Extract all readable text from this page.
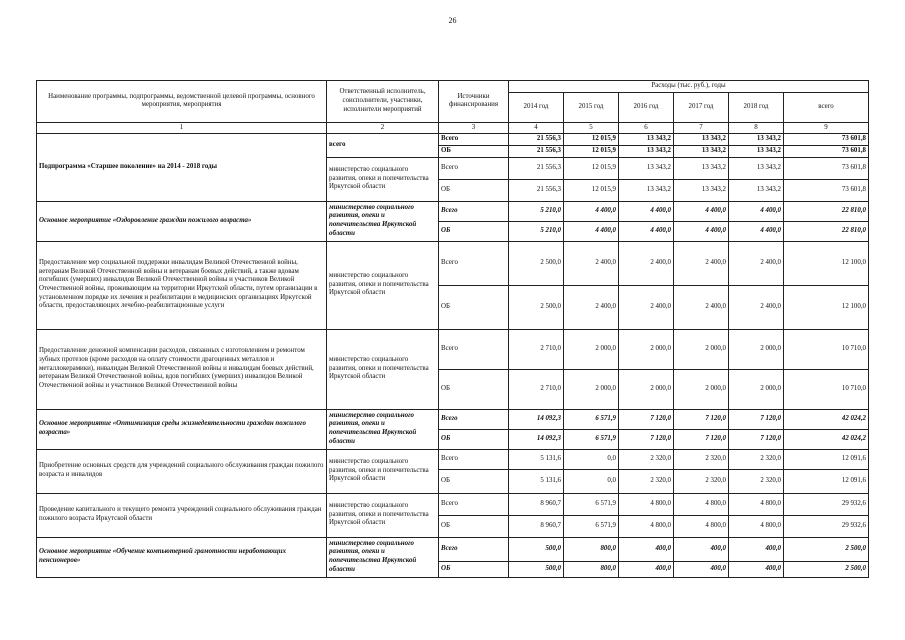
26
Наименование программы, подпрограммы, ведомственной целевой программы, основного мероприятия, мероприятия	Ответственный исполнитель, соисполнители, участники, исполнители мероприятий	Источники финансирования	Расходы (тыс. руб.), годы					
			2014 год	2015 год	2016 год	2017 год	2018 год	всего
1	2	3	4	5	6	7	8	9
Подпрограмма «Старшее поколение» на 2014 - 2018 годы	всего	Всего	21 556,3	12 015,9	13 343,2	13 343,2	13 343,2	73 601,8
		ОБ	21 556,3	12 015,9	13 343,2	13 343,2	13 343,2	73 601,8
	министерство социального развития, опеки и попечительства Иркутской области	Всего	21 556,3	12 015,9	13 343,2	13 343,2	13 343,2	73 601,8
		ОБ	21 556,3	12 015,9	13 343,2	13 343,2	13 343,2	73 601,8
Основное мероприятие «Оздоровление граждан пожилого возраста»	министерство социального развития, опеки и попечительства Иркутской области	Всего	5 210,0	4 400,0	4 400,0	4 400,0	4 400,0	22 810,0
		ОБ	5 210,0	4 400,0	4 400,0	4 400,0	4 400,0	22 810,0
Предоставление мер социальной поддержки инвалидам Великой Отечественной войны, ветеранам Великой Отечественной войны и ветеранам боевых действий, а также вдовам погибших (умерших) инвалидов Великой Отечественной войны и участников Великой Отечественной войны, проживающим на территории Иркутской области, путем организации в установленном порядке их лечения и реабилитации в медицинских организациях Иркутской области, предоставляющих лечебно-реабилитационные услуги	министерство социального развития, опеки и попечительства Иркутской области	Всего	2 500,0	2 400,0	2 400,0	2 400,0	2 400,0	12 100,0
		ОБ	2 500,0	2 400,0	2 400,0	2 400,0	2 400,0	12 100,0
Предоставление денежной компенсации расходов, связанных с изготовлением и ремонтом зубных протезов (кроме расходов на оплату стоимости драгоценных металлов и металлокерамики), инвалидам Великой Отечественной войны и инвалидам боевых действий, ветеранам Великой Отечественной войны, вдов погибших (умерших) инвалидов Великой Отечественной войны и участников Великой Отечественной войны	министерство социального развития, опеки и попечительства Иркутской области	Всего	2 710,0	2 000,0	2 000,0	2 000,0	2 000,0	10 710,0
		ОБ	2 710,0	2 000,0	2 000,0	2 000,0	2 000,0	10 710,0
Основное мероприятие «Оптимизация среды жизнедеятельности граждан пожилого возраста»	министерство социального развития, опеки и попечительства Иркутской области	Всего	14 092,3	6 571,9	7 120,0	7 120,0	7 120,0	42 024,2
		ОБ	14 092,3	6 571,9	7 120,0	7 120,0	7 120,0	42 024,2
Приобретение основных средств для учреждений социального обслуживания граждан пожилого возраста и инвалидов	министерство социального развития, опеки и попечительства Иркутской области	Всего	5 131,6	0,0	2 320,0	2 320,0	2 320,0	12 091,6
		ОБ	5 131,6	0,0	2 320,0	2 320,0	2 320,0	12 091,6
Проведение капитального и текущего ремонта учреждений социального обслуживания граждан пожилого возраста Иркутской области	министерство социального развития, опеки и попечительства Иркутской области	Всего	8 960,7	6 571,9	4 800,0	4 800,0	4 800,0	29 932,6
		ОБ	8 960,7	6 571,9	4 800,0	4 800,0	4 800,0	29 932,6
Основное мероприятие «Обучение компьютерной грамотности неработающих пенсионеров»	министерство социального развития, опеки и попечительства Иркутской области	Всего	500,0	800,0	400,0	400,0	400,0	2 500,0
		ОБ	500,0	800,0	400,0	400,0	400,0	2 500,0
